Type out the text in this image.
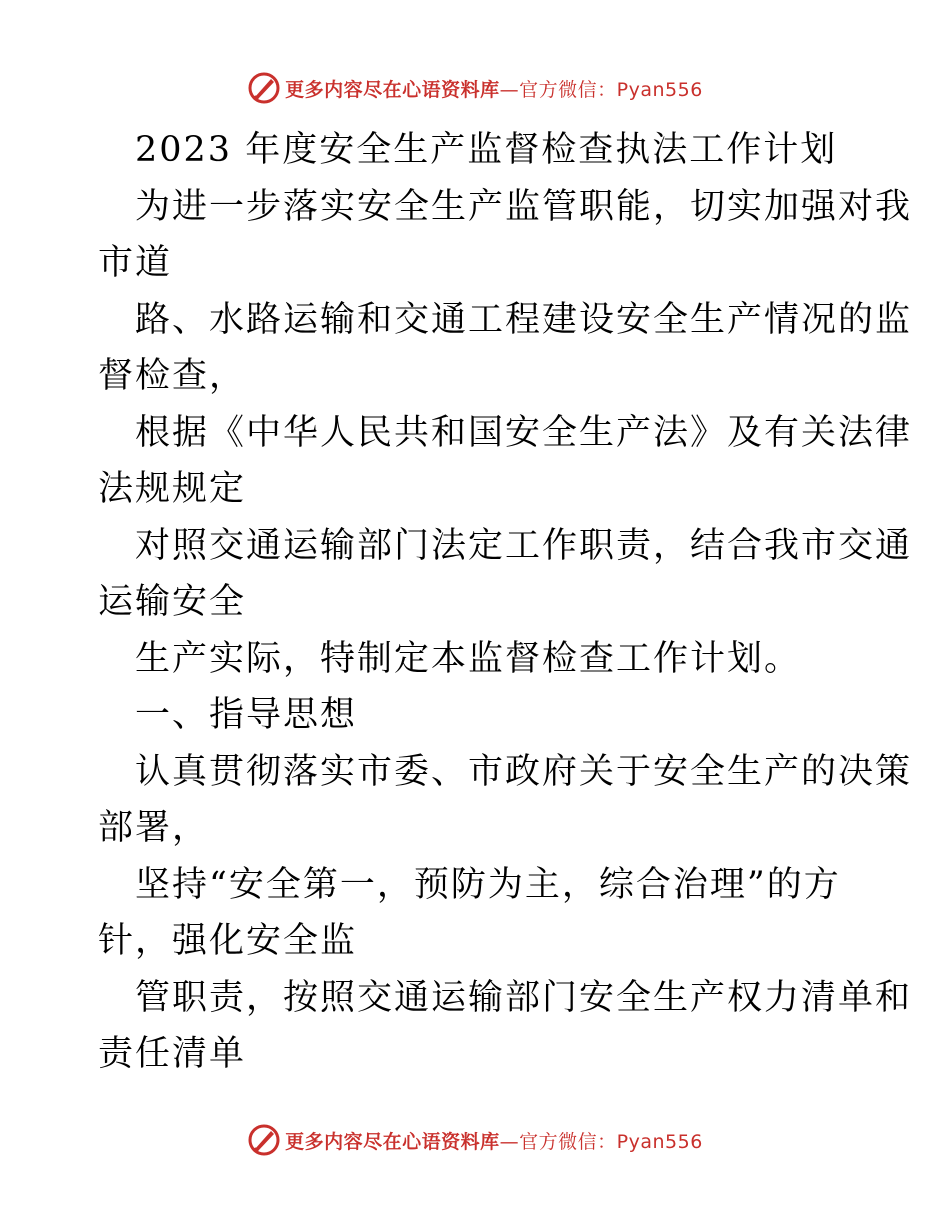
更多内容尽在心语资料库—官方微信：Pyan556
2023 年度安全生产监督检查执法工作计划
为进一步落实安全生产监管职能，切实加强对我
市道
路、水路运输和交通工程建设安全生产情况的监
督检查，
根据《中华人民共和国安全生产法》及有关法律
法规规定
对照交通运输部门法定工作职责，结合我市交通
运输安全
生产实际，特制定本监督检查工作计划。
一、指导思想
认真贯彻落实市委、市政府关于安全生产的决策
部署，
坚持“安全第一，预防为主，综合治理”的方
针，强化安全监
管职责，按照交通运输部门安全生产权力清单和
责任清单
更多内容尽在心语资料库—官方微信：Pyan556
